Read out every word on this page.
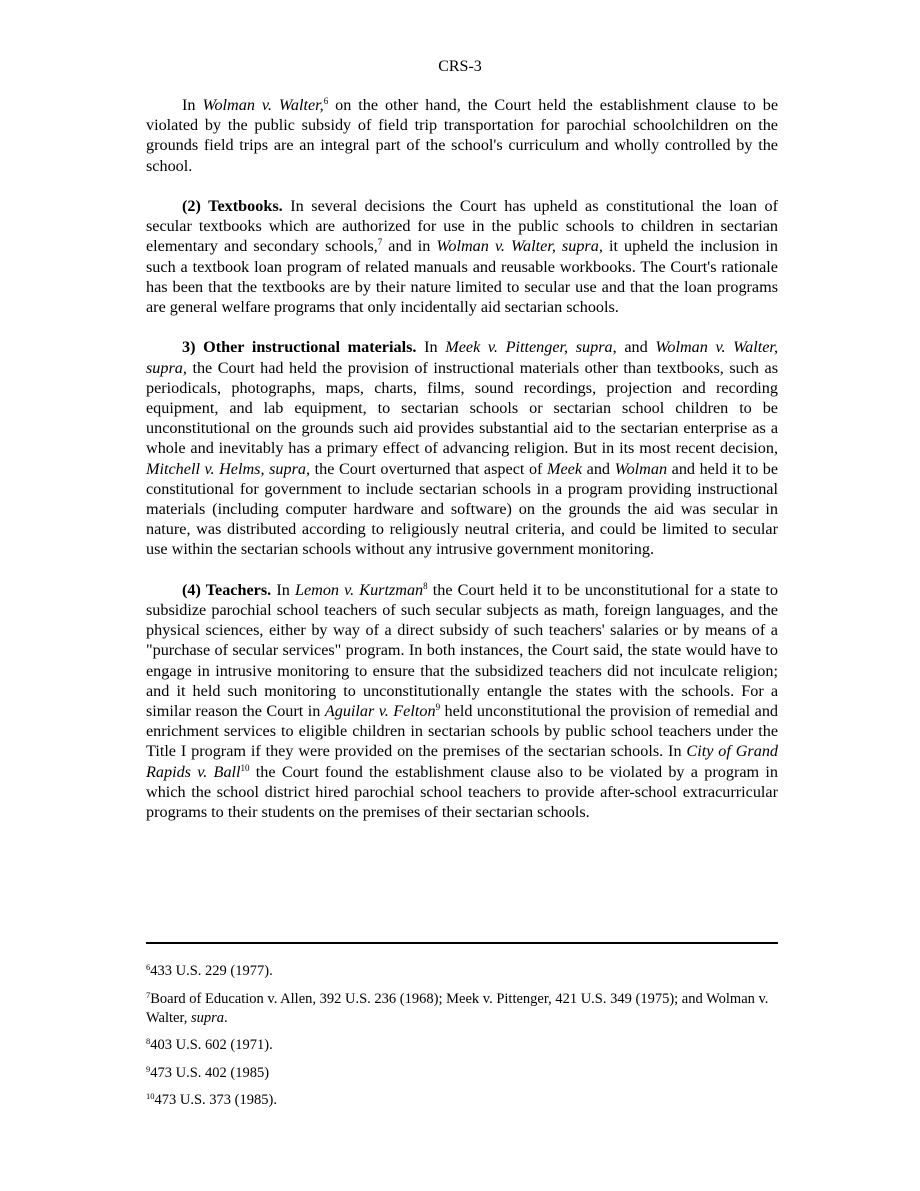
CRS-3

In Wolman v. Walter,$^6$ on the other hand, the Court held the establishment clause to be violated by the public subsidy of field trip transportation for parochial schoolchildren on the grounds field trips are an integral part of the school's curriculum and wholly controlled by the school.

(2) Textbooks. In several decisions the Court has upheld as constitutional the loan of secular textbooks which are authorized for use in the public schools to children in sectarian elementary and secondary schools,$^7$ and in Wolman v. Walter, supra, it upheld the inclusion in such a textbook loan program of related manuals and reusable workbooks. The Court's rationale has been that the textbooks are by their nature limited to secular use and that the loan programs are general welfare programs that only incidentally aid sectarian schools.

3) Other instructional materials. In Meek v. Pittenger, supra, and Wolman v. Walter, supra, the Court had held the provision of instructional materials other than textbooks, such as periodicals, photographs, maps, charts, films, sound recordings, projection and recording equipment, and lab equipment, to sectarian schools or sectarian school children to be unconstitutional on the grounds such aid provides substantial aid to the sectarian enterprise as a whole and inevitably has a primary effect of advancing religion. But in its most recent decision, Mitchell v. Helms, supra, the Court overturned that aspect of Meek and Wolman and held it to be constitutional for government to include sectarian schools in a program providing instructional materials (including computer hardware and software) on the grounds the aid was secular in nature, was distributed according to religiously neutral criteria, and could be limited to secular use within the sectarian schools without any intrusive government monitoring.

(4) Teachers. In Lemon v. Kurtzman$^8$ the Court held it to be unconstitutional for a state to subsidize parochial school teachers of such secular subjects as math, foreign languages, and the physical sciences, either by way of a direct subsidy of such teachers' salaries or by means of a "purchase of secular services" program. In both instances, the Court said, the state would have to engage in intrusive monitoring to ensure that the subsidized teachers did not inculcate religion; and it held such monitoring to unconstitutionally entangle the states with the schools. For a similar reason the Court in Aguilar v. Felton$^9$ held unconstitutional the provision of remedial and enrichment services to eligible children in sectarian schools by public school teachers under the Title I program if they were provided on the premises of the sectarian schools. In City of Grand Rapids v. Ball$^{10}$ the Court found the establishment clause also to be violated by a program in which the school district hired parochial school teachers to provide after-school extracurricular programs to their students on the premises of their sectarian schools.

$^6$433 U.S. 229 (1977).

$^7$Board of Education v. Allen, 392 U.S. 236 (1968); Meek v. Pittenger, 421 U.S. 349 (1975); and Wolman v. Walter, supra.

$^8$403 U.S. 602 (1971).

$^9$473 U.S. 402 (1985)

$^{10}$473 U.S. 373 (1985).
